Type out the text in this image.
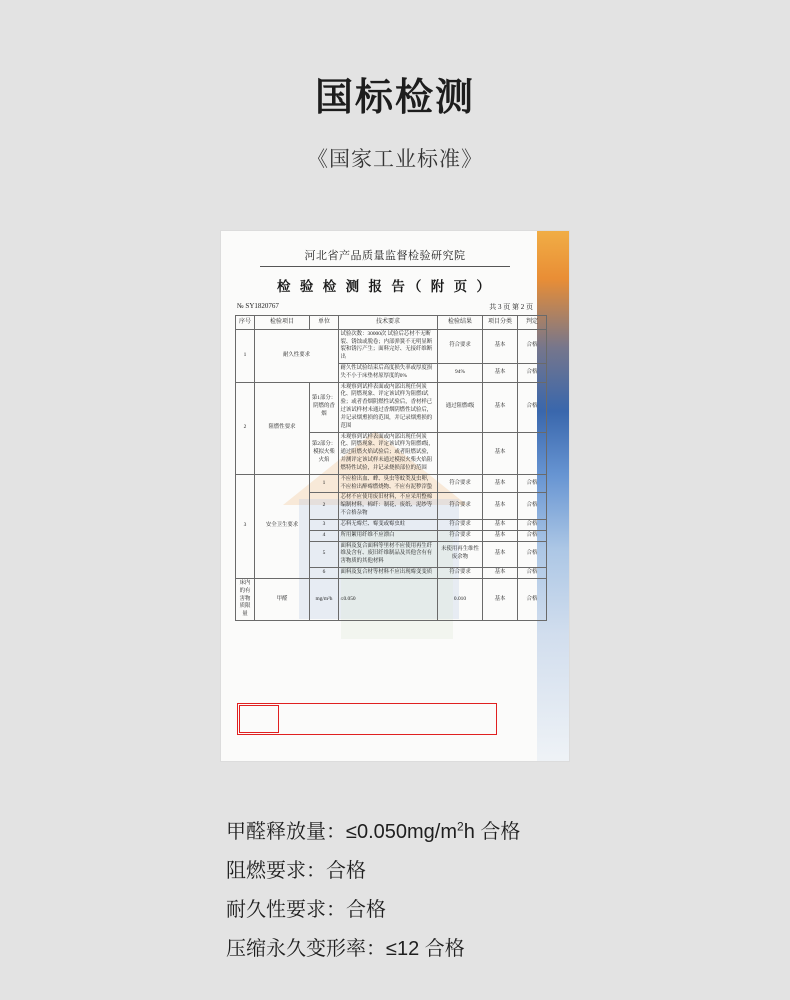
国标检测
《国家工业标准》
河北省产品质量监督检验研究院
检 验 检 测 报 告（ 附 页 ）
№ SY1820767	共 3 页 第 2 页
序号	检验项目	单位	技术要求	检验结果	项目分类	判定
1	耐久性要求		试验次数：30000次 试验后芯材不无断裂、锈蚀或脱卷；内部弹簧不无明显断裂和锈污产生；面料完好、无接纤维断出	符合要求	基本	合格
			耐久性试验结束后高度损失率或厚度损失不小于床垫材原厚度的0%	94%	基本	合格
2	阻燃性要求	第1部分：阴燃的香烟	未观察到试样表面或内部出现任何炭化、阴燃现象、评定该试样为阻燃Ⅰ试验；或者香烟阴燃性试验后，香材样已过该试样材未通过香烟阴燃性试验后，并记录烟熏损的范围，并记录烟熏损的范围	通过阻燃Ⅰ级	基本	合格
		第2部分：模拟火柴火焰	未观察到试样表面或内部出现任何炭化、阴燃现象、评定该试样为阻燃Ⅰ级，通过阻燃火焰试验后；或者阻燃试验，并测评定该试样未通过模拟火柴火焰阻燃特性试验，并记录烧损部位的范围		基本	
3	安全卫生要求	1	不应检出血、蜱、臭虫等蚊类及虫卵，不应检出醉霉燃烧物、不应有泥秽滓蛰	符合要求	基本	合格
		2	芯材不应使用废旧材料，不应采用整棉编制材料，棉纤：制花、废纸、泥纱等不合格杂物	符合要求	基本	合格
		3	芯料无霉烂、霉变或霉虫蛀	符合要求	基本	合格
		4	所用絮用纤维不应漂白	符合要求	基本	合格
		5	面料及复合面料等里材不应使用再生纤维及含有、废旧纤维制品及其他含有有害物质的其他材料	未使用再生维性废余物	基本	合格
		6	面料及复合材等材料不应出现霉变变质	符合要求	基本	合格
床内的有害物质限量	甲醛	mg/m²h	≤0.050	0.010	基本	合格
甲醛释放量：$\le 0.050mg/m^2h$ 合格
阻燃要求：合格
耐久性要求：合格
压缩永久变形率：≤12 合格
